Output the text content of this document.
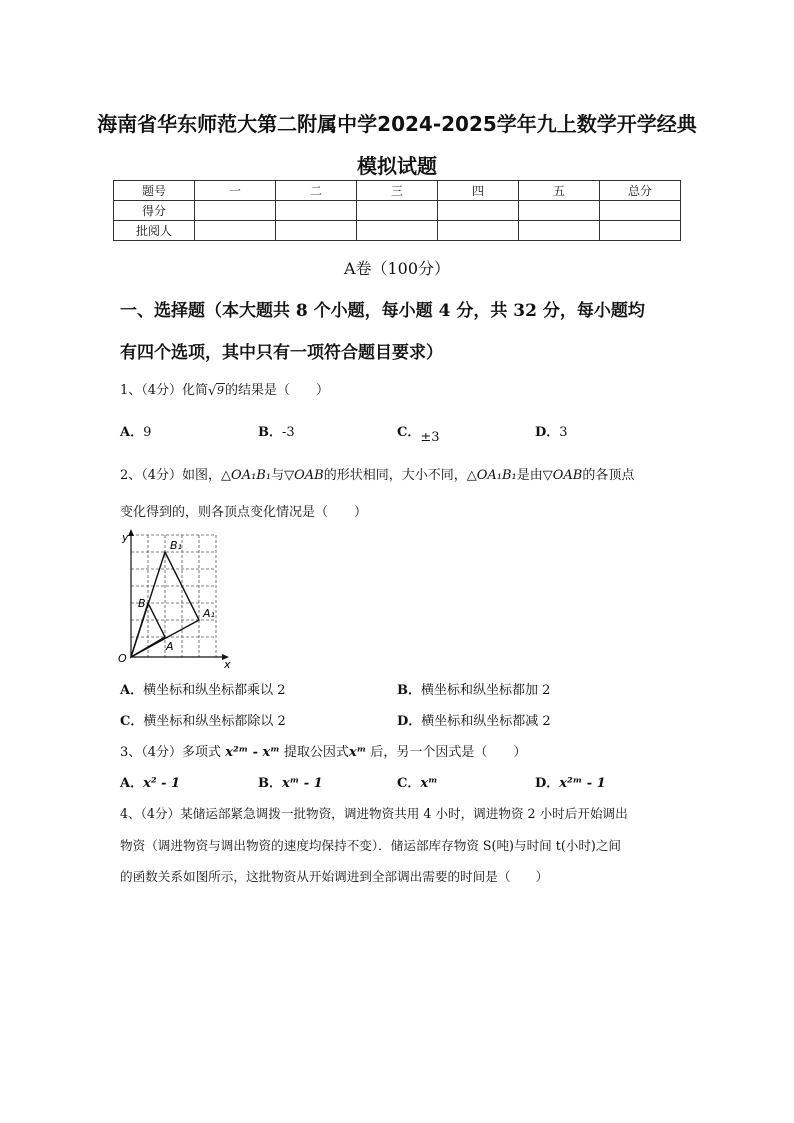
海南省华东师范大第二附属中学2024-2025学年九上数学开学经典
模拟试题
题号	一	二	三	四	五	总分
得分						
批阅人						
A卷（100分）
一、选择题（本大题共 8 个小题，每小题 4 分，共 32 分，每小题均
有四个选项，其中只有一项符合题目要求）
1、（4分）化简 √ 9的结果是（　　）
A．9	B．-3	C．±3	D．3
2、（4分）如图，△OA₁B₁与▽OAB的形状相同，大小不同，△OA₁B₁是由▽OAB的各顶点
变化得到的，则各顶点变化情况是（　　）
y
x
O
A
B
A₁
B₁
A．横坐标和纵坐标都乘以 2	B．横坐标和纵坐标都加 2
C．横坐标和纵坐标都除以 2	D．横坐标和纵坐标都减 2
3、（4分）多项式 x²ᵐ - xᵐ 提取公因式xᵐ 后，另一个因式是（　　）
A．x² - 1	B．xᵐ - 1	C．xᵐ	D．x²ᵐ - 1
4、（4分）某储运部紧急调拨一批物资，调进物资共用 4 小时，调进物资 2 小时后开始调出
物资（调进物资与调出物资的速度均保持不变）．储运部库存物资 S(吨)与时间 t(小时)之间
的函数关系如图所示，这批物资从开始调进到全部调出需要的时间是（　　）
